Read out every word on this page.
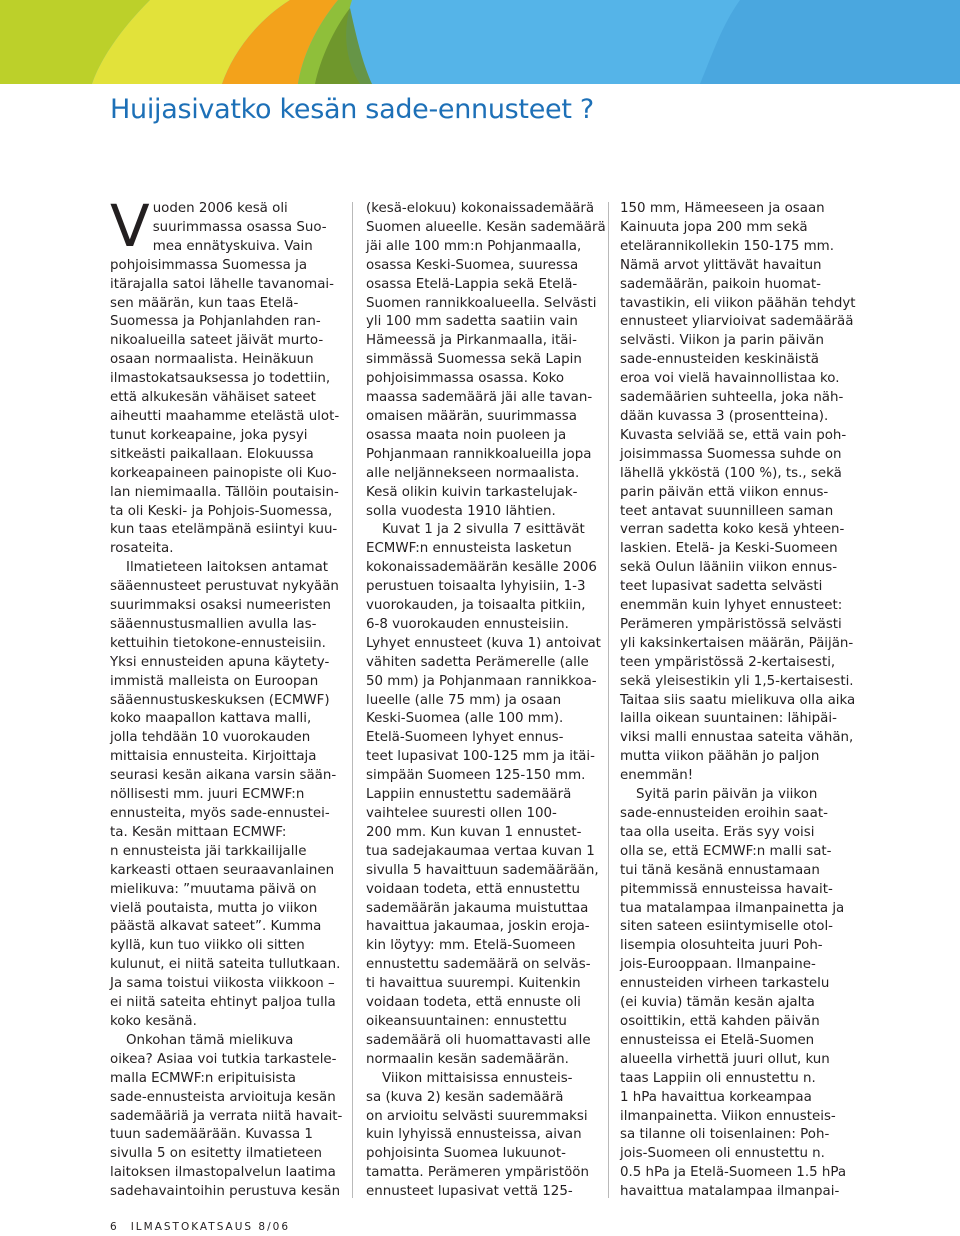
Huijasivatko kesän sade-ennusteet ?
V uoden 2006 kesä oli
suurimmassa osassa Suo-
mea ennätyskuiva. Vain
pohjoisimmassa Suomessa ja
itärajalla satoi lähelle tavanomai-
sen määrän, kun taas Etelä-
Suomessa ja Pohjanlahden ran-
nikoalueilla sateet jäivät murto-
osaan normaalista. Heinäkuun
ilmastokatsauksessa jo todettiin,
että alkukesän vähäiset sateet
aiheutti maahamme etelästä ulot-
tunut korkeapaine, joka pysyi
sitkeästi paikallaan. Elokuussa
korkeapaineen painopiste oli Kuo-
lan niemimaalla. Tällöin poutaisin-
ta oli Keski- ja Pohjois-Suomessa,
kun taas etelämpänä esiintyi kuu-
rosateita.
Ilmatieteen laitoksen antamat
sääennusteet perustuvat nykyään
suurimmaksi osaksi numeeristen
sääennustusmallien avulla las-
kettuihin tietokone-ennusteisiin.
Yksi ennusteiden apuna käytety-
immistä malleista on Euroopan
sääennustuskeskuksen (ECMWF)
koko maapallon kattava malli,
jolla tehdään 10 vuorokauden
mittaisia ennusteita. Kirjoittaja
seurasi kesän aikana varsin sään-
nöllisesti mm. juuri ECMWF:n
ennusteita, myös sade-ennustei-
ta. Kesän mittaan ECMWF:
n ennusteista jäi tarkkailijalle
karkeasti ottaen seuraavanlainen
mielikuva: ”muutama päivä on
vielä poutaista, mutta jo viikon
päästä alkavat sateet”. Kumma
kyllä, kun tuo viikko oli sitten
kulunut, ei niitä sateita tullutkaan.
Ja sama toistui viikosta viikkoon –
ei niitä sateita ehtinyt paljoa tulla
koko kesänä.
Onkohan tämä mielikuva
oikea? Asiaa voi tutkia tarkastele-
malla ECMWF:n eripituisista
sade-ennusteista arvioituja kesän
sademääriä ja verrata niitä havait-
tuun sademäärään. Kuvassa 1
sivulla 5 on esitetty ilmatieteen
laitoksen ilmastopalvelun laatima
sadehavaintoihin perustuva kesän
(kesä-elokuu) kokonaissademäärä
Suomen alueelle. Kesän sademäärä
jäi alle 100 mm:n Pohjanmaalla,
osassa Keski-Suomea, suuressa
osassa Etelä-Lappia sekä Etelä-
Suomen rannikkoalueella. Selvästi
yli 100 mm sadetta saatiin vain
Hämeessä ja Pirkanmaalla, itäi-
simmässä Suomessa sekä Lapin
pohjoisimmassa osassa. Koko
maassa sademäärä jäi alle tavan-
omaisen määrän, suurimmassa
osassa maata noin puoleen ja
Pohjanmaan rannikkoalueilla jopa
alle neljännekseen normaalista.
Kesä olikin kuivin tarkastelujak-
solla vuodesta 1910 lähtien.
Kuvat 1 ja 2 sivulla 7 esittävät
ECMWF:n ennusteista lasketun
kokonaissademäärän kesälle 2006
perustuen toisaalta lyhyisiin, 1-3
vuorokauden, ja toisaalta pitkiin,
6-8 vuorokauden ennusteisiin.
Lyhyet ennusteet (kuva 1) antoivat
vähiten sadetta Perämerelle (alle
50 mm) ja Pohjanmaan rannikkoa-
lueelle (alle 75 mm) ja osaan
Keski-Suomea (alle 100 mm).
Etelä-Suomeen lyhyet ennus-
teet lupasivat 100-125 mm ja itäi-
simpään Suomeen 125-150 mm.
Lappiin ennustettu sademäärä
vaihtelee suuresti ollen 100-
200 mm. Kun kuvan 1 ennustet-
tua sadejakaumaa vertaa kuvan 1
sivulla 5 havaittuun sademäärään,
voidaan todeta, että ennustettu
sademäärän jakauma muistuttaa
havaittua jakaumaa, joskin eroja-
kin löytyy: mm. Etelä-Suomeen
ennustettu sademäärä on selväs-
ti havaittua suurempi. Kuitenkin
voidaan todeta, että ennuste oli
oikeansuuntainen: ennustettu
sademäärä oli huomattavasti alle
normaalin kesän sademäärän.
Viikon mittaisissa ennusteis-
sa (kuva 2) kesän sademäärä
on arvioitu selvästi suuremmaksi
kuin lyhyissä ennusteissa, aivan
pohjoisinta Suomea lukuunot-
tamatta. Perämeren ympäristöön
ennusteet lupasivat vettä 125-
150 mm, Hämeeseen ja osaan
Kainuuta jopa 200 mm sekä
etelärannikollekin 150-175 mm.
Nämä arvot ylittävät havaitun
sademäärän, paikoin huomat-
tavastikin, eli viikon päähän tehdyt
ennusteet yliarvioivat sademäärää
selvästi. Viikon ja parin päivän
sade-ennusteiden keskinäistä
eroa voi vielä havainnollistaa ko.
sademäärien suhteella, joka näh-
dään kuvassa 3 (prosentteina).
Kuvasta selviää se, että vain poh-
joisimmassa Suomessa suhde on
lähellä ykköstä (100 %), ts., sekä
parin päivän että viikon ennus-
teet antavat suunnilleen saman
verran sadetta koko kesä yhteen-
laskien. Etelä- ja Keski-Suomeen
sekä Oulun lääniin viikon ennus-
teet lupasivat sadetta selvästi
enemmän kuin lyhyet ennusteet:
Perämeren ympäristössä selvästi
yli kaksinkertaisen määrän, Päijän-
teen ympäristössä 2-kertaisesti,
sekä yleisestikin yli 1,5-kertaisesti.
Taitaa siis saatu mielikuva olla aika
lailla oikean suuntainen: lähipäi-
viksi malli ennustaa sateita vähän,
mutta viikon päähän jo paljon
enemmän!
Syitä parin päivän ja viikon
sade-ennusteiden eroihin saat-
taa olla useita. Eräs syy voisi
olla se, että ECMWF:n malli sat-
tui tänä kesänä ennustamaan
pitemmissä ennusteissa havait-
tua matalampaa ilmanpainetta ja
siten sateen esiintymiselle otol-
lisempia olosuhteita juuri Poh-
jois-Eurooppaan. Ilmanpaine-
ennusteiden virheen tarkastelu
(ei kuvia) tämän kesän ajalta
osoittikin, että kahden päivän
ennusteissa ei Etelä-Suomen
alueella virhettä juuri ollut, kun
taas Lappiin oli ennustettu n.
1 hPa havaittua korkeampaa
ilmanpainetta. Viikon ennusteis-
sa tilanne oli toisenlainen: Poh-
jois-Suomeen oli ennustettu n.
0.5 hPa ja Etelä-Suomeen 1.5 hPa
havaittua matalampaa ilmanpai-
6 ILMASTOKATSAUS 8/06
